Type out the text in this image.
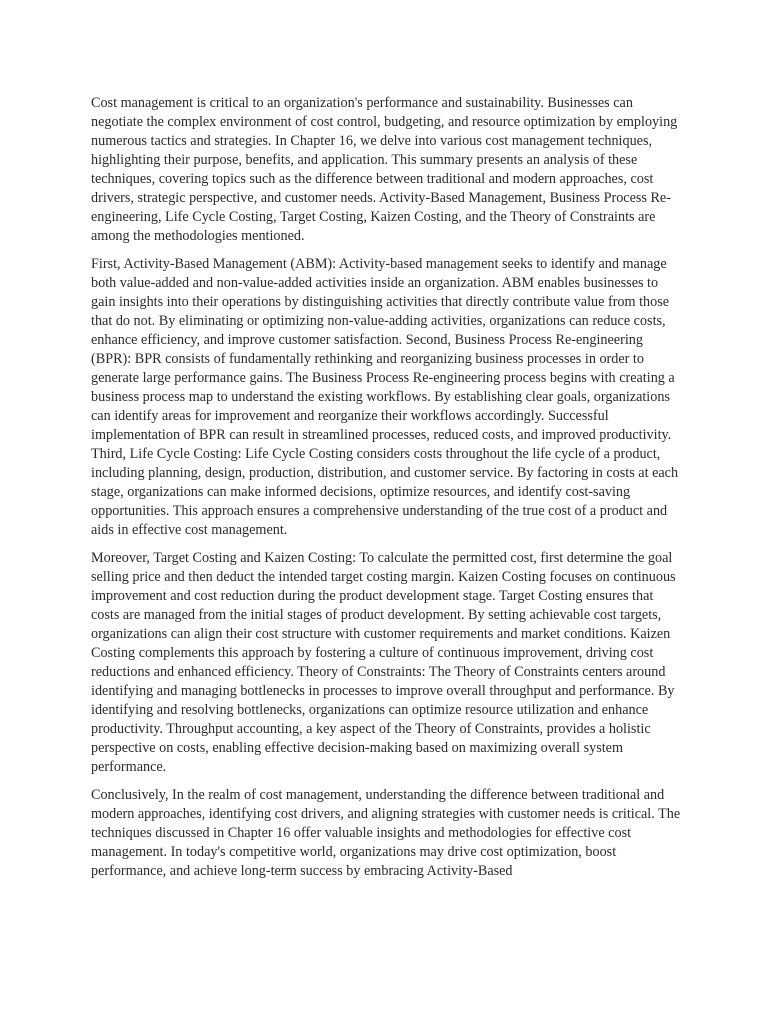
Cost management is critical to an organization's performance and sustainability. Businesses can negotiate the complex environment of cost control, budgeting, and resource optimization by employing numerous tactics and strategies. In Chapter 16, we delve into various cost management techniques, highlighting their purpose, benefits, and application. This summary presents an analysis of these techniques, covering topics such as the difference between traditional and modern approaches, cost drivers, strategic perspective, and customer needs. Activity-Based Management, Business Process Re-engineering, Life Cycle Costing, Target Costing, Kaizen Costing, and the Theory of Constraints are among the methodologies mentioned.

First, Activity-Based Management (ABM): Activity-based management seeks to identify and manage both value-added and non-value-added activities inside an organization. ABM enables businesses to gain insights into their operations by distinguishing activities that directly contribute value from those that do not. By eliminating or optimizing non-value-adding activities, organizations can reduce costs, enhance efficiency, and improve customer satisfaction. Second, Business Process Re-engineering (BPR): BPR consists of fundamentally rethinking and reorganizing business processes in order to generate large performance gains. The Business Process Re-engineering process begins with creating a business process map to understand the existing workflows. By establishing clear goals, organizations can identify areas for improvement and reorganize their workflows accordingly. Successful implementation of BPR can result in streamlined processes, reduced costs, and improved productivity. Third, Life Cycle Costing: Life Cycle Costing considers costs throughout the life cycle of a product, including planning, design, production, distribution, and customer service. By factoring in costs at each stage, organizations can make informed decisions, optimize resources, and identify cost-saving opportunities. This approach ensures a comprehensive understanding of the true cost of a product and aids in effective cost management.

Moreover, Target Costing and Kaizen Costing: To calculate the permitted cost, first determine the goal selling price and then deduct the intended target costing margin. Kaizen Costing focuses on continuous improvement and cost reduction during the product development stage. Target Costing ensures that costs are managed from the initial stages of product development. By setting achievable cost targets, organizations can align their cost structure with customer requirements and market conditions. Kaizen Costing complements this approach by fostering a culture of continuous improvement, driving cost reductions and enhanced efficiency. Theory of Constraints: The Theory of Constraints centers around identifying and managing bottlenecks in processes to improve overall throughput and performance. By identifying and resolving bottlenecks, organizations can optimize resource utilization and enhance productivity. Throughput accounting, a key aspect of the Theory of Constraints, provides a holistic perspective on costs, enabling effective decision-making based on maximizing overall system performance.

Conclusively, In the realm of cost management, understanding the difference between traditional and modern approaches, identifying cost drivers, and aligning strategies with customer needs is critical. The techniques discussed in Chapter 16 offer valuable insights and methodologies for effective cost management. In today's competitive world, organizations may drive cost optimization, boost performance, and achieve long-term success by embracing Activity-Based
